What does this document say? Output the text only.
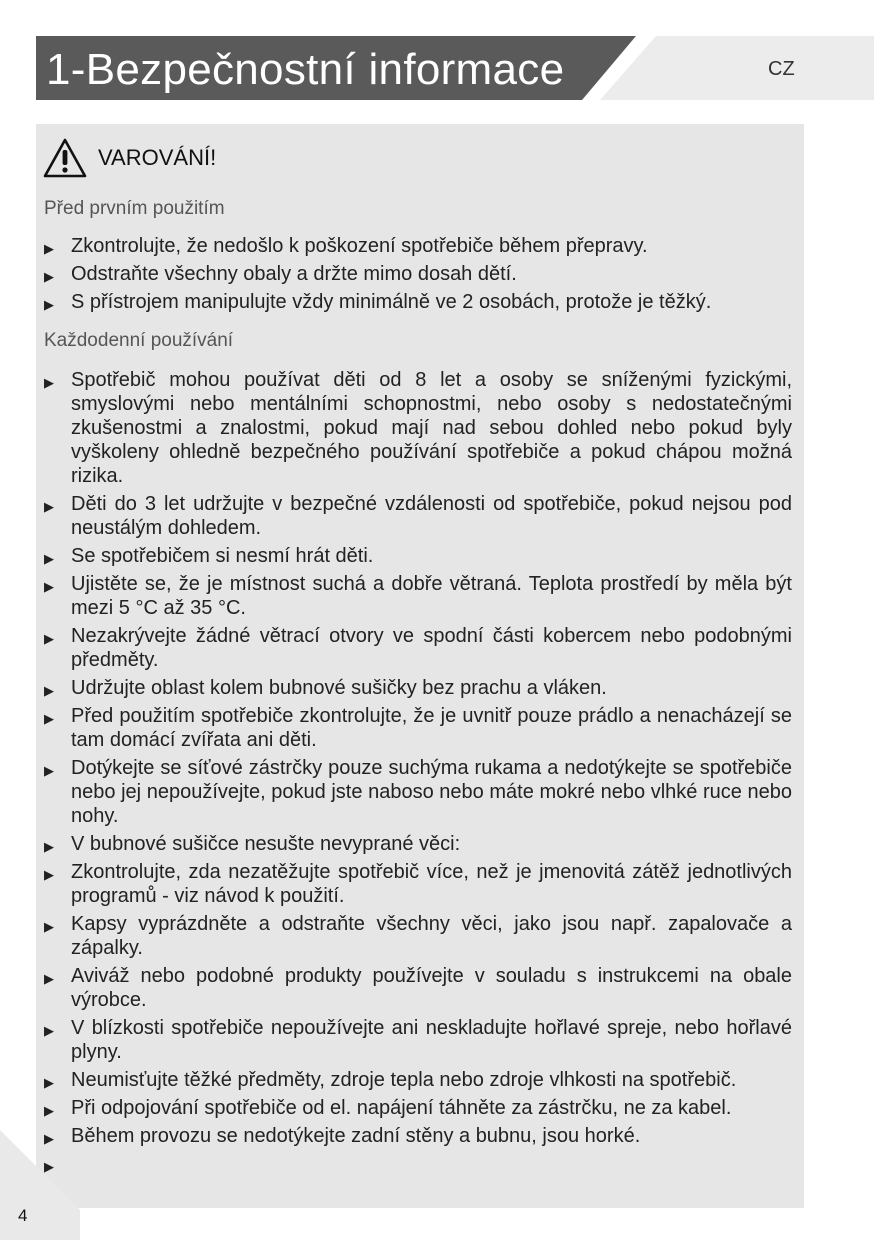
1-Bezpečnostní informace	CZ
VAROVÁNÍ!
Před prvním použitím
▶ Zkontrolujte, že nedošlo k poškození spotřebiče během přepravy.
▶ Odstraňte všechny obaly a držte mimo dosah dětí.
▶ S přístrojem manipulujte vždy minimálně ve 2 osobách, protože je těžký.
Každodenní používání
▶ Spotřebič mohou používat děti od 8 let a osoby se sníženými fyzickými, smyslovými nebo mentálními schopnostmi, nebo osoby s nedostatečnými zkušenostmi a znalostmi, pokud mají nad sebou dohled nebo pokud byly vyškoleny ohledně bezpečného používání spotřebiče a pokud chápou možná rizika.
▶ Děti do 3 let udržujte v bezpečné vzdálenosti od spotřebiče, pokud nejsou pod neustálým dohledem.
▶ Se spotřebičem si nesmí hrát děti.
▶ Ujistěte se, že je místnost suchá a dobře větraná. Teplota prostředí by měla být mezi 5 °C až 35 °C.
▶ Nezakrývejte žádné větrací otvory ve spodní části kobercem nebo podobnými předměty.
▶ Udržujte oblast kolem bubnové sušičky bez prachu a vláken.
▶ Před použitím spotřebiče zkontrolujte, že je uvnitř pouze prádlo a nenacházejí se tam domácí zvířata ani děti.
▶ Dotýkejte se síťové zástrčky pouze suchýma rukama a nedotýkejte se spotřebiče nebo jej nepoužívejte, pokud jste naboso nebo máte mokré nebo vlhké ruce nebo nohy.
▶ V bubnové sušičce nesušte nevyprané věci:
▶ Zkontrolujte, zda nezatěžujte spotřebič více, než je jmenovitá zátěž jednotlivých programů - viz návod k použití.
▶ Kapsy vyprázdněte a odstraňte všechny věci, jako jsou např. zapalovače a zápalky.
▶ Aviváž nebo podobné produkty používejte v souladu s instrukcemi na obale výrobce.
▶ V blízkosti spotřebiče nepoužívejte ani neskladujte hořlavé spreje, nebo hořlavé plyny.
▶ Neumisťujte těžké předměty, zdroje tepla nebo zdroje vlhkosti na spotřebič.
▶ Při odpojování spotřebiče od el. napájení táhněte za zástrčku, ne za kabel.
▶ Během provozu se nedotýkejte zadní stěny a bubnu, jsou horké.
▶
4
